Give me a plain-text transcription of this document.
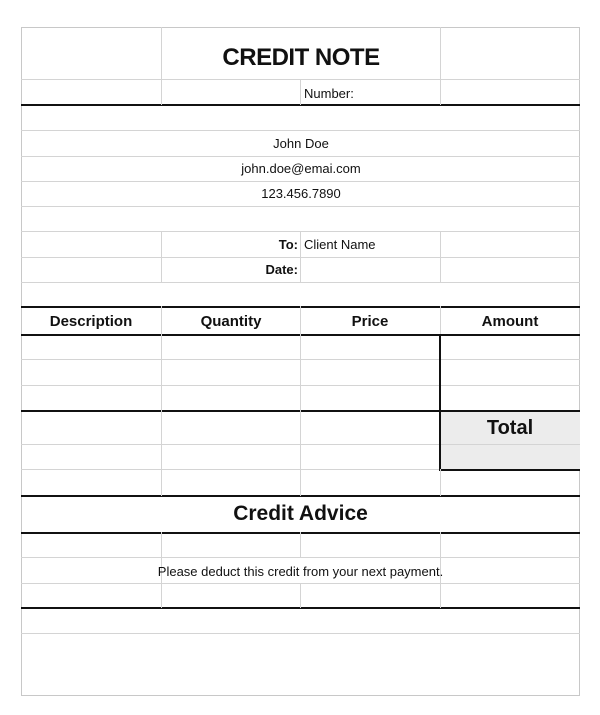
CREDIT NOTE
Number:
John Doe
john.doe@emai.com
123.456.7890
To: Client Name
Date:
Description	Quantity	Price	Amount
Total
Credit Advice
Please deduct this credit from your next payment.
